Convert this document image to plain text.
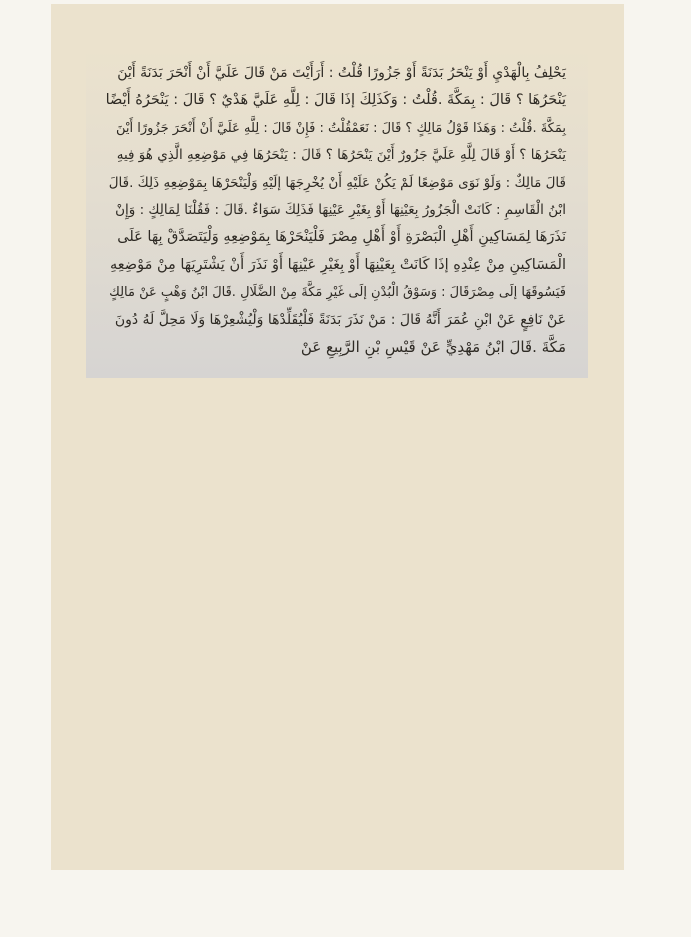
يَحْلِفُ بِالْهَدْيِ أَوْ يَنْحَرُ بَدَنَةً أَوْ جَزُورًا قُلْتُ : أَرَأَيْتَ مَنْ قَالَ عَلَيَّ أَنْ أَنْحَرَ بَدَنَةً أَيْنَ
يَنْحَرُهَا ؟ قَالَ : بِمَكَّةَ .قُلْتُ : وَكَذَلِكَ إذَا قَالَ : لِلَّهِ عَلَيَّ هَدْيٌ ؟ قَالَ : يَنْحَرُهُ أَيْضًا
بِمَكَّةَ .قُلْتُ : وَهَذَا قَوْلُ مَالِكٍ ؟ قَالَ : نَعَمْقُلْتُ : فَإِنْ قَالَ : لِلَّهِ عَلَيَّ أَنْ أَنْحَرَ جَزُورًا أَيْنَ
يَنْحَرُهَا ؟ أَوْ قَالَ لِلَّهِ عَلَيَّ جَزُورٌ أَيْنَ يَنْحَرُهَا ؟ قَالَ : يَنْحَرُهَا فِي مَوْضِعِهِ الَّذِي هُوَ فِيهِ
قَالَ مَالِكٌ : وَلَوْ نَوَى مَوْضِعًا لَمْ يَكُنْ عَلَيْهِ أَنْ يُخْرِجَهَا إلَيْهِ وَلْيَنْحَرْهَا بِمَوْضِعِهِ ذَلِكَ .قَالَ
ابْنُ الْقَاسِمِ : كَانَتْ الْجَزُورُ بِعَيْنِهَا أَوْ بِغَيْرِ عَيْنِهَا فَذَلِكَ سَوَاءٌ .قَالَ : فَقُلْنَا لِمَالِكٍ : وَإِنْ
نَذَرَهَا لِمَسَاكِينِ أَهْلِ الْبَصْرَةِ أَوْ أَهْلِ مِصْرَ فَلْيَنْحَرْهَا بِمَوْضِعِهِ وَلْيَتَصَدَّقْ بِهَا عَلَى
الْمَسَاكِينِ مِنْ عِنْدِهِ إذَا كَانَتْ بِعَيْنِهَا أَوْ بِغَيْرِ عَيْنِهَا أَوْ نَذَرَ أَنْ يَشْتَرِيَهَا مِنْ مَوْضِعِهِ
فَيَسُوقَهَا إلَى مِصْرَقَالَ : وَسَوْقُ الْبُدْنِ إلَى غَيْرِ مَكَّةَ مِنْ الضَّلَالِ .قَالَ ابْنُ وَهْبٍ عَنْ مَالِكٍ
عَنْ نَافِعٍ عَنْ ابْنِ عُمَرَ أَنَّهُ قَالَ : مَنْ نَذَرَ بَدَنَةً فَلْيُقَلِّدْهَا وَلْيُشْعِرْهَا وَلَا مَحِلَّ لَهُ دُونَ
مَكَّةَ .قَالَ ابْنُ مَهْدِيٍّ عَنْ قَيْسِ بْنِ الرَّبِيعِ عَنْ
